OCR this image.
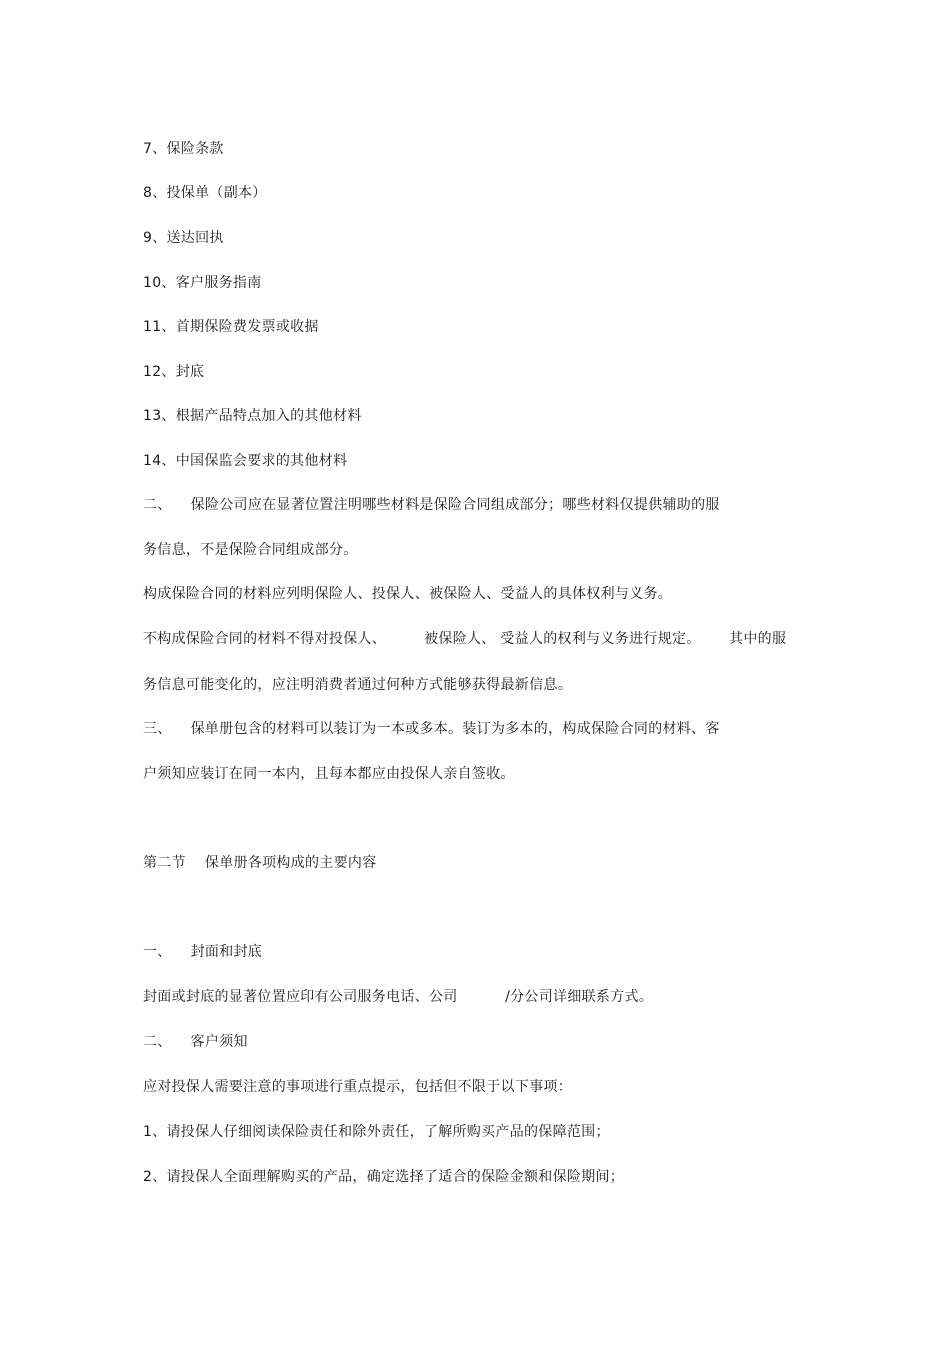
7、保险条款
8、投保单（副本）
9、送达回执
10、客户服务指南
11、首期保险费发票或收据
12、封底
13、根据产品特点加入的其他材料
14、中国保监会要求的其他材料
二、    保险公司应在显著位置注明哪些材料是保险合同组成部分；哪些材料仅提供辅助的服
务信息，不是保险合同组成部分。
构成保险合同的材料应列明保险人、投保人、被保险人、受益人的具体权利与义务。
不构成保险合同的材料不得对投保人、        被保险人、 受益人的权利与义务进行规定。      其中的服
务信息可能变化的，应注明消费者通过何种方式能够获得最新信息。
三、    保单册包含的材料可以装订为一本或多本。装订为多本的，构成保险合同的材料、客
户须知应装订在同一本内，且每本都应由投保人亲自签收。
第二节    保单册各项构成的主要内容
一、    封面和封底
封面或封底的显著位置应印有公司服务电话、公司          /分公司详细联系方式。
二、    客户须知
应对投保人需要注意的事项进行重点提示，包括但不限于以下事项：
1、请投保人仔细阅读保险责任和除外责任，了解所购买产品的保障范围；
2、请投保人全面理解购买的产品，确定选择了适合的保险金额和保险期间；
